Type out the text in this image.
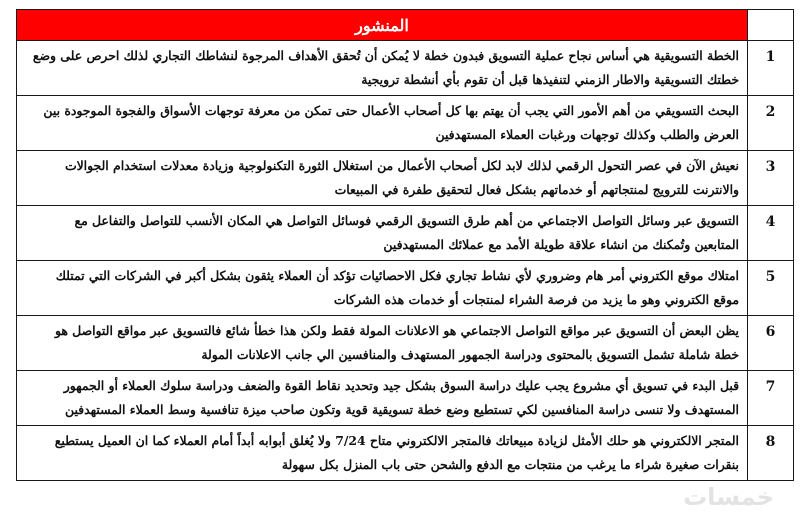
المنشور	
الخطة التسويقية هي أساس نجاح عملية التسويق فبدون خطة لا يُمكن أن تُحقق الأهداف المرجوة لنشاطك التجاري لذلك احرص على وضع خطتك التسويقية والاطار الزمني لتنفيذها قبل أن تقوم بأي أنشطة ترويجية	1
البحث التسويقي من أهم الأمور التي يجب أن يهتم بها كل أصحاب الأعمال حتى تمكن من معرفة توجهات الأسواق والفجوة الموجودة بين العرض والطلب وكذلك توجهات ورغبات العملاء المستهدفين	2
نعيش الآن في عصر التحول الرقمي لذلك لابد لكل أصحاب الأعمال من استغلال الثورة التكنولوجية وزيادة معدلات استخدام الجوالات والانترنت للترويج لمنتجاتهم أو خدماتهم بشكل فعال لتحقيق طفرة في المبيعات	3
التسويق عبر وسائل التواصل الاجتماعي من أهم طرق التسويق الرقمي فوسائل التواصل هي المكان الأنسب للتواصل والتفاعل مع المتابعين وتُمكنك من انشاء علاقة طويلة الأمد مع عملائك المستهدفين	4
امتلاك موقع الكتروني أمر هام وضروري لأي نشاط تجاري فكل الاحصائيات تؤكد أن العملاء يثقون بشكل أكبر في الشركات التي تمتلك موقع الكتروني وهو ما يزيد من فرصة الشراء لمنتجات أو خدمات هذه الشركات	5
يظن البعض أن التسويق عبر مواقع التواصل الاجتماعي هو الاعلانات المولة فقط ولكن هذا خطأ شائع فالتسويق عبر مواقع التواصل هو خطة شاملة تشمل التسويق بالمحتوى ودراسة الجمهور المستهدف والمنافسين الي جانب الاعلانات المولة	6
قبل البدء في تسويق أي مشروع يجب عليك دراسة السوق بشكل جيد وتحديد نقاط القوة والضعف ودراسة سلوك العملاء أو الجمهور المستهدف ولا تنسى دراسة المنافسين لكي تستطيع وضع خطة تسويقية قوية وتكون صاحب ميزة تنافسية وسط العملاء المستهدفين	7
المتجر الالكتروني هو حلك الأمثل لزيادة مبيعاتك فالمتجر الالكتروني متاح 7/24 ولا يُغلق أبوابه أبداً أمام العملاء كما ان العميل يستطيع بنقرات صغيرة شراء ما يرغب من منتجات مع الدفع والشحن حتى باب المنزل بكل سهولة	8
خمسات
